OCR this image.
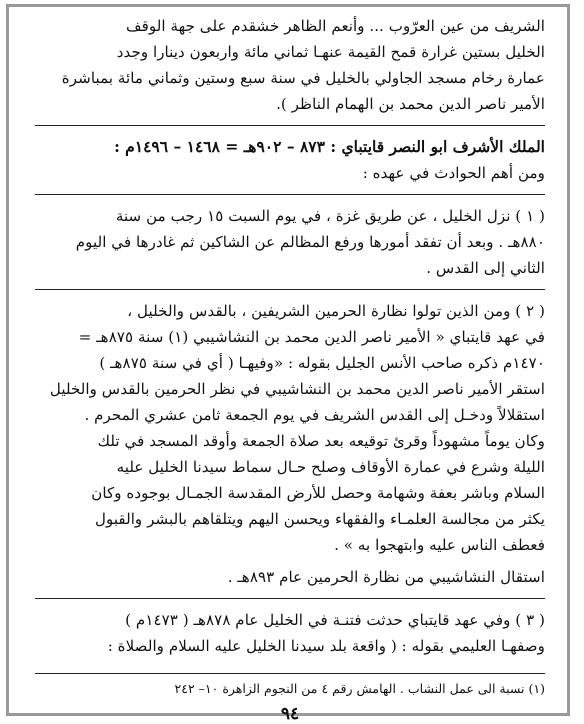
الشريف من عين العرّوب ... وأنعم الظاهر خشقدم على جهة الوقف
الخليل بستين غرارة قمح القيمة عنهـا ثماني مائة واربعون دينارا وجدد
عمارة رخام مسجد الجاولي بالخليل في سنة سبع وستين وثماني مائة بمباشرة
الأمير ناصر الدين محمد بن الهمام الناظر ).

الملك الأشرف ابو النصر قايتباي : ٨٧٣ – ٩٠٢هـ = ١٤٦٨ – ١٤٩٦م :

ومن أهم الحوادث في عهده :

( ١ ) نزل الخليل ، عن طريق غزة ، في يوم السبت ١٥ رجب من سنة
٨٨٠هـ . وبعد أن تفقد أمورها ورفع المظالم عن الشاكين ثم غادرها في اليوم
الثاني إلى القدس .

( ٢ ) ومن الذين تولوا نظارة الحرمين الشريفين ، بالقدس والخليل ،
في عهد قايتباي « الأمير ناصر الدين محمد بن النشاشيبي (١) سنة ٨٧٥هـ =
١٤٧٠م ذكره صاحب الأنس الجليل بقوله : «وفيهـا ( أي في سنة ٨٧٥هـ )
استقر الأمير ناصر الدين محمد بن النشاشيبي في نظر الحرمين بالقدس والخليل
استقلالاً ودخـل إلى القدس الشريف في يوم الجمعة ثامن عشري المحرم .
وكان يوماً مشهوداً وقرئ توقيعه بعد صلاة الجمعة وأوقد المسجد في تلك
الليلة وشرع في عمارة الأوقاف وصلح حـال سماط سيدنا الخليل عليه
السلام وباشر بعفة وشهامة وحصل للأرض المقدسة الجمـال بوجوده وكان
يكثر من مجالسة العلمـاء والفقهاء ويحسن اليهم ويتلقاهم بالبشر والقبول
فعطف الناس عليه وابتهجوا به » .

استقال النشاشيبي من نظارة الحرمين عام ٨٩٣هـ .

( ٣ ) وفي عهد قايتباي حدثت فتنـة في الخليل عام ٨٧٨هـ ( ١٤٧٣م )
وصفهـا العليمي بقوله : ( واقعة بلد سيدنا الخليل عليه السلام والصلاة :

(١) نسبة الى عمل النشاب . الهامش رقم ٤ من النجوم الزاهرة ١٠– ٢٤٢

٩٤
